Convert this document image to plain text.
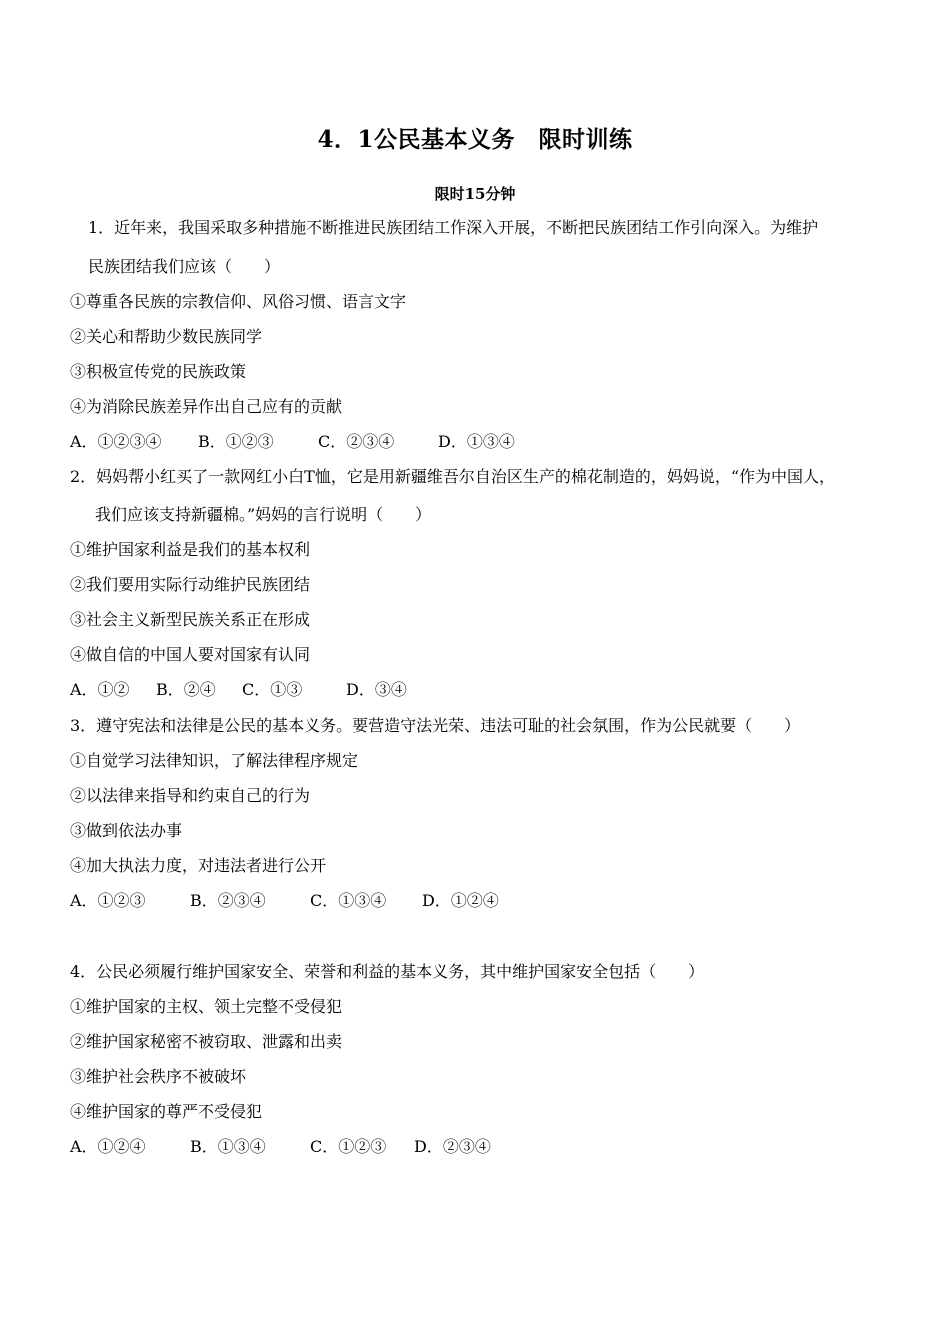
4．1公民基本义务　限时训练
限时15分钟
1．近年来，我国采取多种措施不断推进民族团结工作深入开展，不断把民族团结工作引向深入。为维护
民族团结我们应该（　　）
①尊重各民族的宗教信仰、风俗习惯、语言文字
②关心和帮助少数民族同学
③积极宣传党的民族政策
④为消除民族差异作出自己应有的贡献
A．①②③④ B．①②③	C．②③④	D．①③④
2．妈妈帮小红买了一款网红小白T恤，它是用新疆维吾尔自治区生产的棉花制造的，妈妈说，“作为中国人，
我们应该支持新疆棉。”妈妈的言行说明（　　）
①维护国家利益是我们的基本权利
②我们要用实际行动维护民族团结
③社会主义新型民族关系正在形成
④做自信的中国人要对国家有认同
A．①② B．②④ C．①③	D．③④
3．遵守宪法和法律是公民的基本义务。要营造守法光荣、违法可耻的社会氛围，作为公民就要（　　）
①自觉学习法律知识，了解法律程序规定
②以法律来指导和约束自己的行为
③做到依法办事
④加大执法力度，对违法者进行公开
A．①②③	B．②③④	C．①③④ D．①②④
4．公民必须履行维护国家安全、荣誉和利益的基本义务，其中维护国家安全包括（　　）
①维护国家的主权、领土完整不受侵犯
②维护国家秘密不被窃取、泄露和出卖
③维护社会秩序不被破坏
④维护国家的尊严不受侵犯
A．①②④	B．①③④	C．①②③ D．②③④
